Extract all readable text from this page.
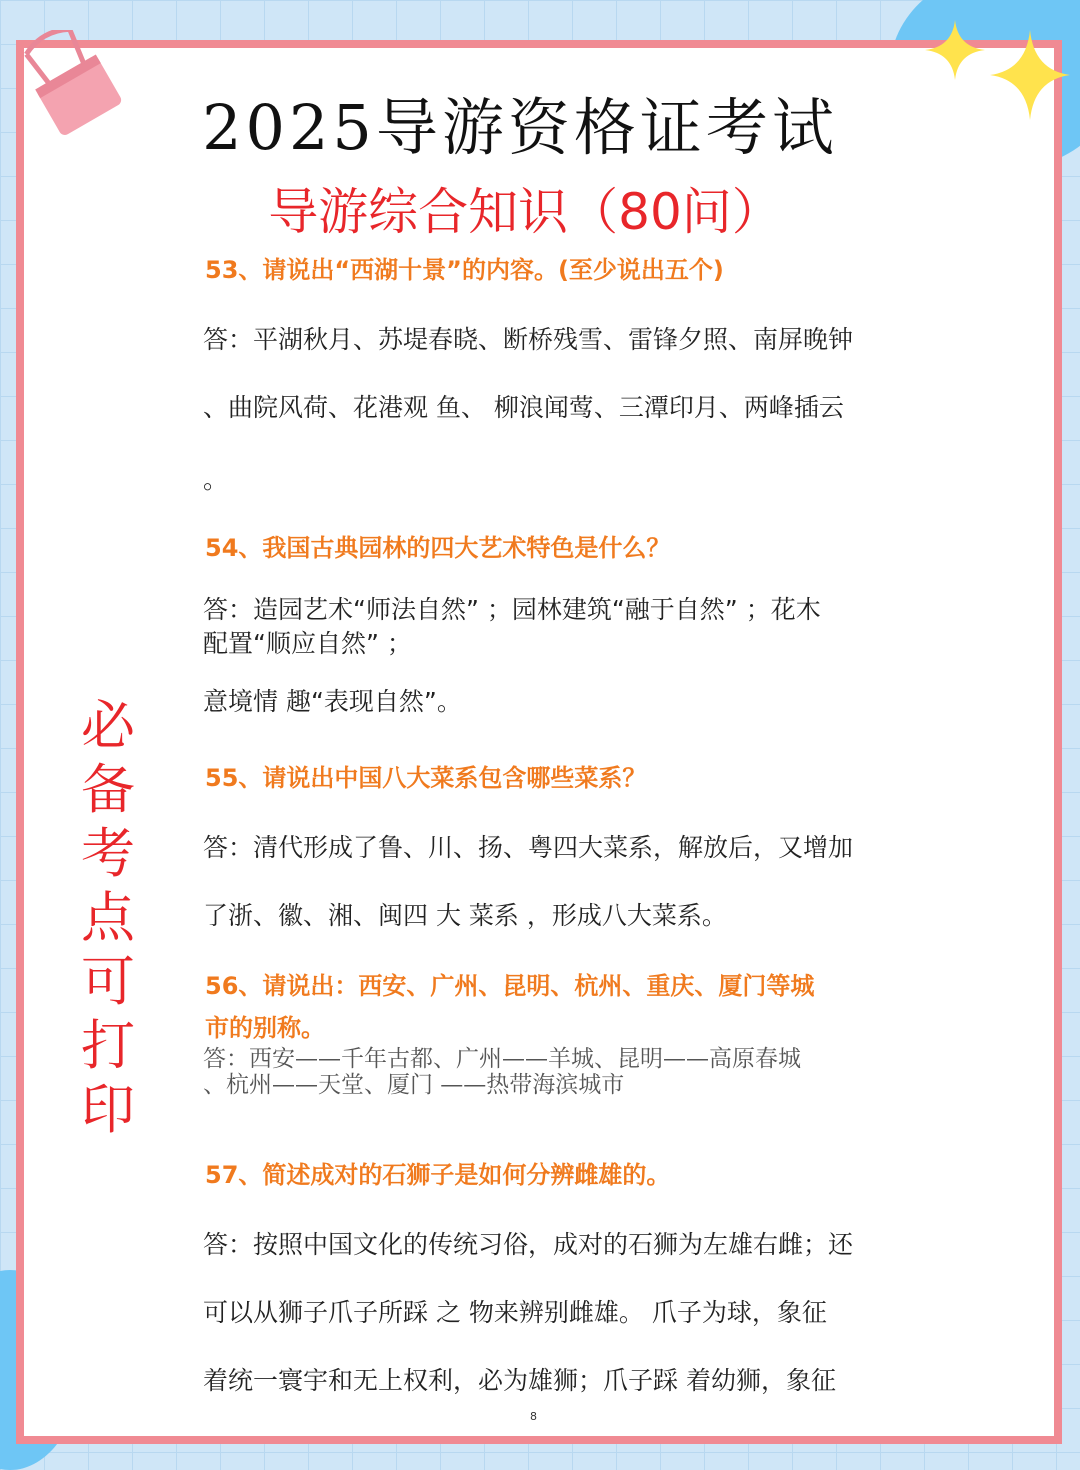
2025导游资格证考试
导游综合知识（80问）
必
备
考
点
可
打
印
53、请说出“西湖十景”的内容。(至少说出五个)
答：平湖秋月、苏堤春晓、断桥残雪、雷锋夕照、南屏晚钟
、曲院风荷、花港观 鱼、 柳浪闻莺、三潭印月、两峰插云
。
54、我国古典园林的四大艺术特色是什么？
答：造园艺术“师法自然” ；园林建筑“融于自然” ；花木
配置“顺应自然” ；
意境情 趣“表现自然”。
55、请说出中国八大菜系包含哪些菜系？
答：清代形成了鲁、川、扬、粤四大菜系，解放后，又增加
了浙、徽、湘、闽四 大 菜系 ，形成八大菜系。
56、请说出：西安、广州、昆明、杭州、重庆、厦门等城
市的别称。
答：西安——千年古都、广州——羊城、昆明——高原春城
、杭州——天堂、厦门 ——热带海滨城市
57、简述成对的石狮子是如何分辨雌雄的。
答：按照中国文化的传统习俗，成对的石狮为左雄右雌；还
可以从狮子爪子所踩 之 物来辨别雌雄。 爪子为球，象征
着统一寰宇和无上权利，必为雄狮；爪子踩 着幼狮，象征
8
